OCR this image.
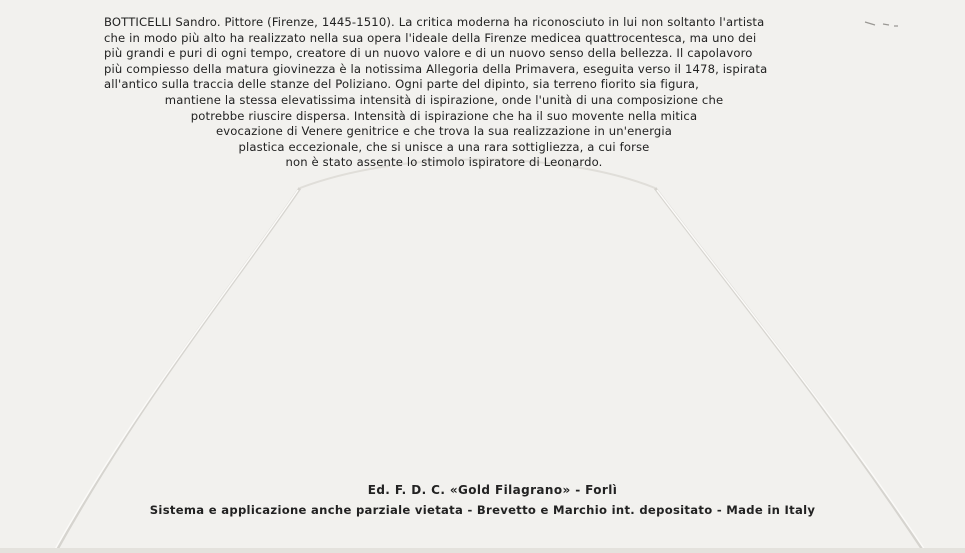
BOTTICELLI Sandro. Pittore (Firenze, 1445-1510). La critica moderna ha riconosciuto in lui non soltanto l'artista
che in modo più alto ha realizzato nella sua opera l'ideale della Firenze medicea quattrocentesca, ma uno dei
più grandi e puri di ogni tempo, creatore di un nuovo valore e di un nuovo senso della bellezza. Il capolavoro
più compiesso della matura giovinezza è la notissima Allegoria della Primavera, eseguita verso il 1478, ispirata
all'antico sulla traccia delle stanze del Poliziano. Ogni parte del dipinto, sia terreno fiorito sia figura,
mantiene la stessa elevatissima intensità di ispirazione, onde l'unità di una composizione che
potrebbe riuscire dispersa. Intensità di ispirazione che ha il suo movente nella mitica
evocazione di Venere genitrice e che trova la sua realizzazione in un'energia
plastica eccezionale, che si unisce a una rara sottigliezza, a cui forse
non è stato assente lo stimolo ispiratore di Leonardo.
Ed. F. D. C. «Gold Filagrano» - Forlì
Sistema e applicazione anche parziale vietata - Brevetto e Marchio int. depositato - Made in Italy
